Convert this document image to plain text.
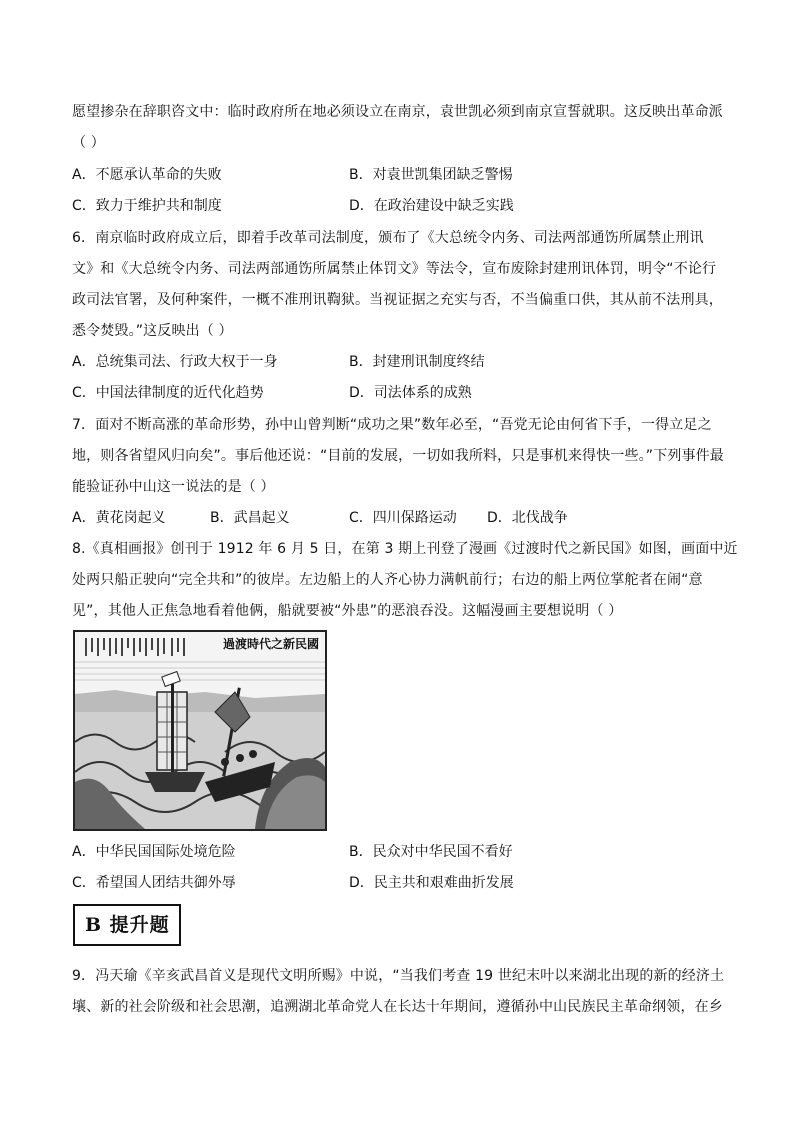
愿望掺杂在辞职咨文中：临时政府所在地必须设立在南京，袁世凯必须到南京宣誓就职。这反映出革命派
（ ）
A．不愿承认革命的失败	B．对袁世凯集团缺乏警惕
C．致力于维护共和制度	D．在政治建设中缺乏实践
6．南京临时政府成立后，即着手改革司法制度，颁布了《大总统令内务、司法两部通饬所属禁止刑讯
文》和《大总统令内务、司法两部通饬所属禁止体罚文》等法令，宣布废除封建刑讯体罚，明令“不论行
政司法官署，及何种案件，一概不准刑讯鞫狱。当视证据之充实与否，不当偏重口供，其从前不法刑具，
悉令焚毁。”这反映出（ ）
A．总统集司法、行政大权于一身	B．封建刑讯制度终结
C．中国法律制度的近代化趋势	D．司法体系的成熟
7．面对不断高涨的革命形势，孙中山曾判断“成功之果”数年必至，“吾党无论由何省下手，一得立足之
地，则各省望风归向矣”。事后他还说：“目前的发展，一切如我所料，只是事机来得快一些。”下列事件最
能验证孙中山这一说法的是（ ）
A．黄花岗起义	B．武昌起义	C．四川保路运动 D．北伐战争
8.《真相画报》创刊于 1912 年 6 月 5 日，在第 3 期上刊登了漫画《过渡时代之新民国》如图，画面中近
处两只船正驶向“完全共和”的彼岸。左边船上的人齐心协力满帆前行；右边的船上两位掌舵者在闹“意
见”，其他人正焦急地看着他俩，船就要被“外患”的恶浪吞没。这幅漫画主要想说明（ ）
過渡時代之新民國
A．中华民国国际处境危险	B．民众对中华民国不看好
C．希望国人团结共御外辱	D．民主共和艰难曲折发展
B 提升题
9．冯天瑜《辛亥武昌首义是现代文明所赐》中说，“当我们考查 19 世纪末叶以来湖北出现的新的经济土
壤、新的社会阶级和社会思潮，追溯湖北革命党人在长达十年期间，遵循孙中山民族民主革命纲领，在乡
